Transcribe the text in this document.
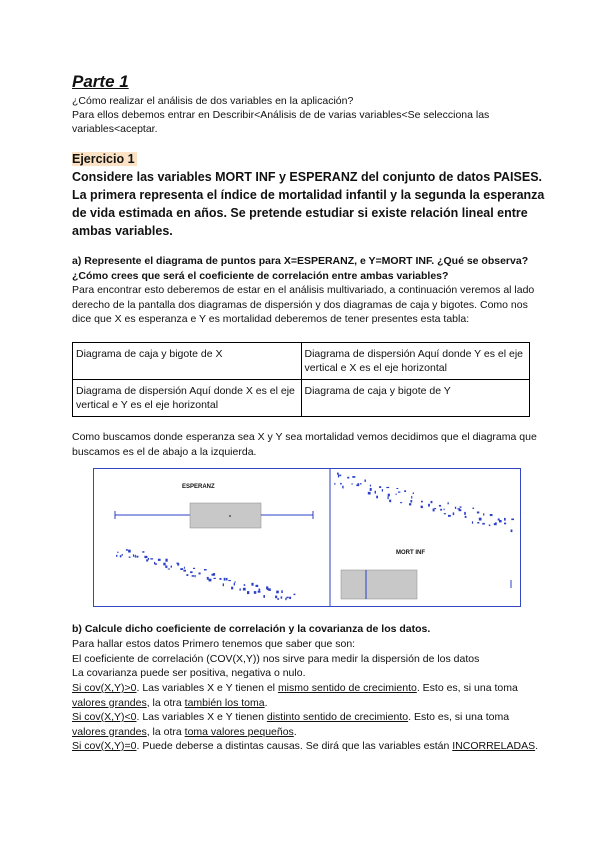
Parte 1
¿Cómo realizar el análisis de dos variables en la aplicación?
Para ellos debemos entrar en Describir<Análisis de de varias variables<Se selecciona las
variables<aceptar.
Ejercicio 1
Considere las variables MORT INF y ESPERANZ del conjunto de datos PAISES. La primera representa el índice de mortalidad infantil y la segunda la esperanza de vida estimada en años. Se pretende estudiar si existe relación lineal entre ambas variables.
a) Represente el diagrama de puntos para X=ESPERANZ, e Y=MORT INF. ¿Qué se observa? ¿Cómo crees que será el coeficiente de correlación entre ambas variables?
Para encontrar esto deberemos de estar en el análisis multivariado, a continuación veremos al lado derecho de la pantalla dos diagramas de dispersión y dos diagramas de caja y bigotes. Como nos dice que X es esperanza e Y es mortalidad deberemos de tener presentes esta tabla:
Diagrama de caja y bigote de X	Diagrama de dispersión Aquí donde Y es el eje vertical e X es el eje horizontal
Diagrama de dispersión Aquí donde X es el eje vertical e Y es el eje horizontal	Diagrama de caja y bigote de Y
Como buscamos donde esperanza sea X y Y sea mortalidad vemos decidimos que el diagrama que buscamos es el de abajo a la izquierda.
ESPERANZ
MORT INF
b) Calcule dicho coeficiente de correlación y la covarianza de los datos.
Para hallar estos datos Primero tenemos que saber que son:
El coeficiente de correlación (COV(X,Y)) nos sirve para medir la dispersión de los datos
La covarianza puede ser positiva, negativa o nulo.
Si cov(X,Y)>0. Las variables X e Y tienen el mismo sentido de crecimiento. Esto es, si una toma valores grandes, la otra también los toma.
Si cov(X,Y)<0. Las variables X e Y tienen distinto sentido de crecimiento. Esto es, si una toma valores grandes, la otra toma valores pequeños.
Si cov(X,Y)=0. Puede deberse a distintas causas. Se dirá que las variables están INCORRELADAS.
